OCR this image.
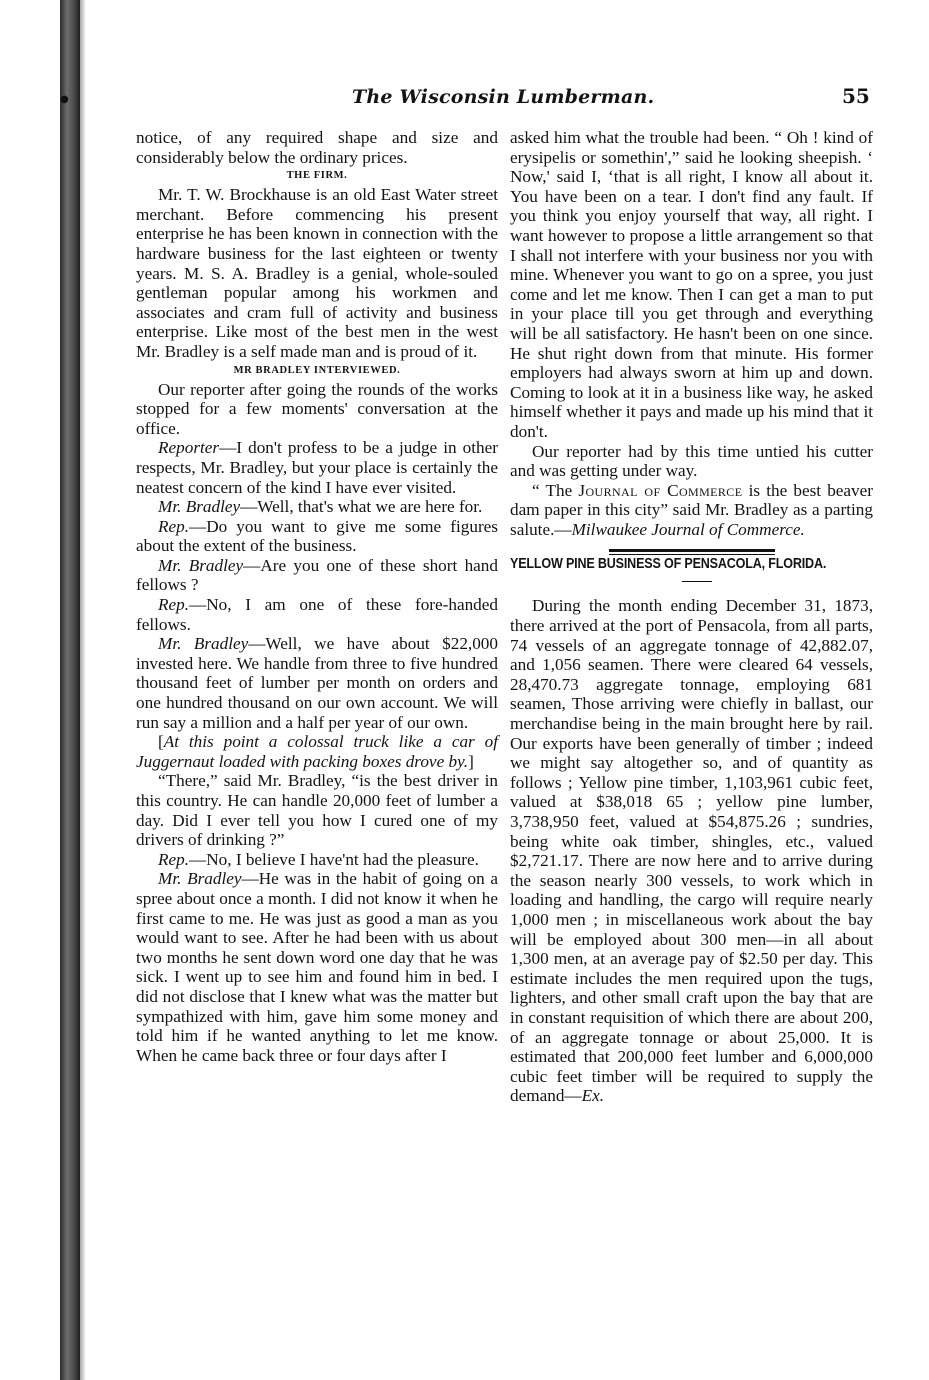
●	The Wisconsin Lumberman.	55

notice, of any required shape and size and considerably below the ordinary prices.

THE FIRM.

Mr. T. W. Brockhause is an old East Water street merchant. Before commencing his present enterprise he has been known in connection with the hardware business for the last eighteen or twenty years. M. S. A. Bradley is a genial, whole-souled gentleman popular among his workmen and associates and cram full of activity and business enterprise. Like most of the best men in the west Mr. Bradley is a self made man and is proud of it.

MR BRADLEY INTERVIEWED.

Our reporter after going the rounds of the works stopped for a few moments' conversation at the office.

Reporter—I don't profess to be a judge in other respects, Mr. Bradley, but your place is certainly the neatest concern of the kind I have ever visited.

Mr. Bradley—Well, that's what we are here for.

Rep.—Do you want to give me some figures about the extent of the business.

Mr. Bradley—Are you one of these short hand fellows ?

Rep.—No, I am one of these fore-handed fellows.

Mr. Bradley—Well, we have about $22,000 invested here. We handle from three to five hundred thousand feet of lumber per month on orders and one hundred thousand on our own account. We will run say a million and a half per year of our own.

[At this point a colossal truck like a car of Juggernaut loaded with packing boxes drove by.]

“There,” said Mr. Bradley, “is the best driver in this country. He can handle 20,000 feet of lumber a day. Did I ever tell you how I cured one of my drivers of drinking ?”

Rep.—No, I believe I have'nt had the pleasure.

Mr. Bradley—He was in the habit of going on a spree about once a month. I did not know it when he first came to me. He was just as good a man as you would want to see. After he had been with us about two months he sent down word one day that he was sick. I went up to see him and found him in bed. I did not disclose that I knew what was the matter but sympathized with him, gave him some money and told him if he wanted anything to let me know. When he came back three or four days after I

asked him what the trouble had been. “ Oh ! kind of erysipelis or somethin',” said he looking sheepish. ‘ Now,' said I, ‘that is all right, I know all about it. You have been on a tear. I don't find any fault. If you think you enjoy yourself that way, all right. I want however to propose a little arrangement so that I shall not interfere with your business nor you with mine. Whenever you want to go on a spree, you just come and let me know. Then I can get a man to put in your place till you get through and everything will be all satisfactory. He hasn't been on one since. He shut right down from that minute. His former employers had always sworn at him up and down. Coming to look at it in a business like way, he asked himself whether it pays and made up his mind that it don't.

Our reporter had by this time untied his cutter and was getting under way.

“ The Journal of Commerce is the best beaver dam paper in this city” said Mr. Bradley as a parting salute.—Milwaukee Journal of Commerce.

YELLOW PINE BUSINESS OF PENSACOLA, FLORIDA.

During the month ending December 31, 1873, there arrived at the port of Pensacola, from all parts, 74 vessels of an aggregate tonnage of 42,882.07, and 1,056 seamen. There were cleared 64 vessels, 28,470.73 aggregate tonnage, employing 681 seamen, Those arriving were chiefly in ballast, our merchandise being in the main brought here by rail. Our exports have been generally of timber ; indeed we might say altogether so, and of quantity as follows ; Yellow pine timber, 1,103,961 cubic feet, valued at $38,018 65 ; yellow pine lumber, 3,738,950 feet, valued at $54,875.26 ; sundries, being white oak timber, shingles, etc., valued $2,721.17. There are now here and to arrive during the season nearly 300 vessels, to work which in loading and handling, the cargo will require nearly 1,000 men ; in miscellaneous work about the bay will be employed about 300 men—in all about 1,300 men, at an average pay of $2.50 per day. This estimate includes the men required upon the tugs, lighters, and other small craft upon the bay that are in constant requisition of which there are about 200, of an aggregate tonnage or about 25,000. It is estimated that 200,000 feet lumber and 6,000,000 cubic feet timber will be required to supply the demand—Ex.
